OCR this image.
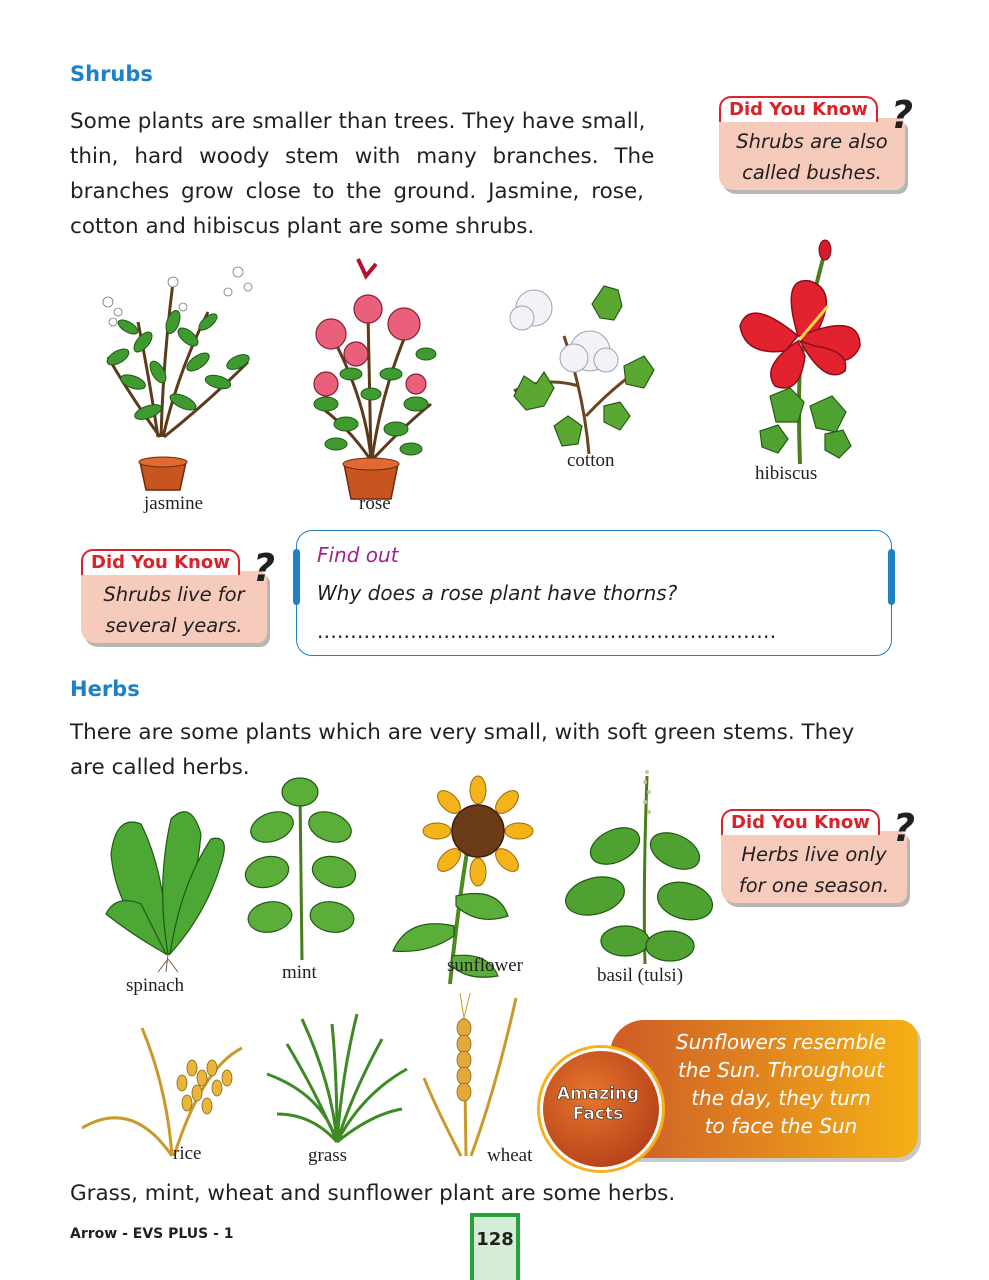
Shrubs
Some plants are smaller than trees. They have small,
thin, hard woody stem with many branches. The
branches grow close to the ground. Jasmine, rose,
cotton and hibiscus plant are some shrubs.
Did You Know ?
Shrubs are also
called bushes.
jasmine	rose
cotton
hibiscus
Did You Know ?
Shrubs live for
several years.
Find out
Why does a rose plant have thorns?
.....................................................................
Herbs
There are some plants which are very small, with soft green stems. They
are called herbs.
spinach
mint	sunflower	basil (tulsi)
Did You Know ?
Herbs live only
for one season.
rice	grass	wheat
Amazing
Facts
Sunflowers resemble
the Sun. Throughout
the day, they turn
to face the Sun
Grass, mint, wheat and sunflower plant are some herbs.
Arrow - EVS PLUS - 1	128
